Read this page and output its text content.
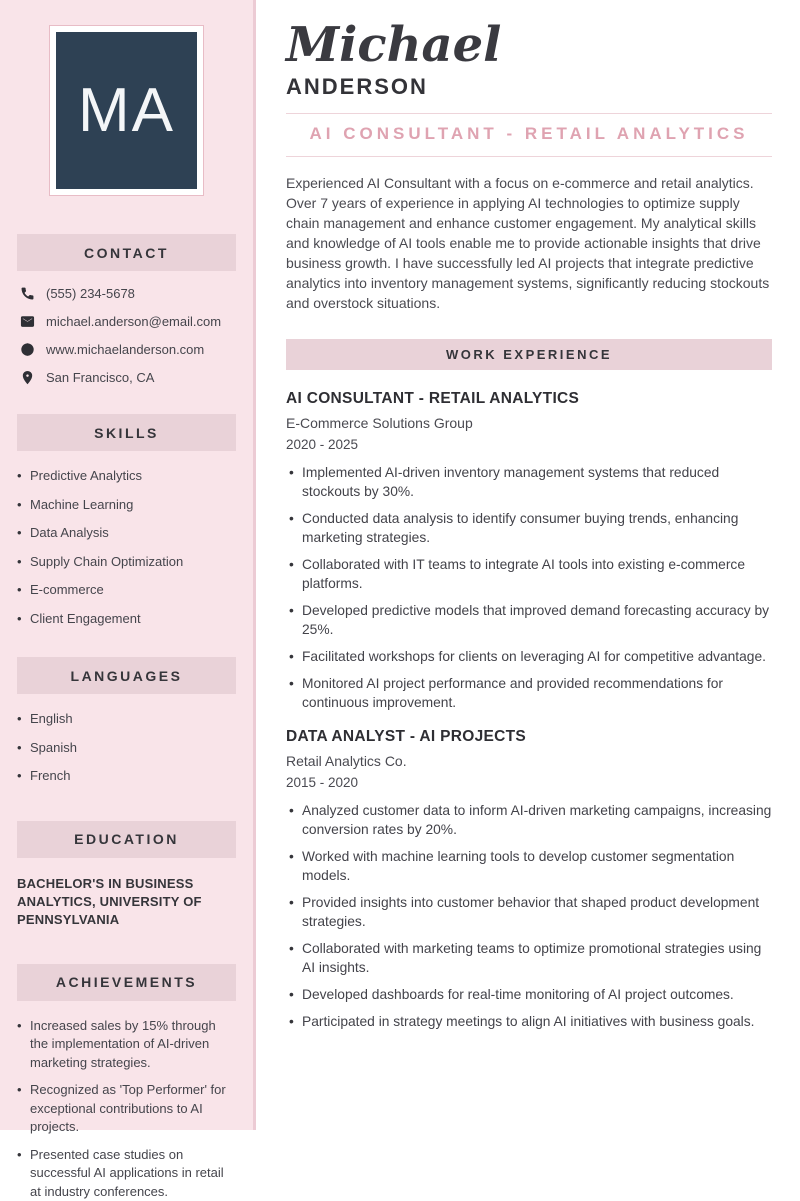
MA
CONTACT
(555) 234-5678
michael.anderson@email.com
www.michaelanderson.com
San Francisco, CA
SKILLS
• Predictive Analytics
• Machine Learning
• Data Analysis
• Supply Chain Optimization
• E-commerce
• Client Engagement
LANGUAGES
• English
• Spanish
• French
EDUCATION
BACHELOR'S IN BUSINESS ANALYTICS, UNIVERSITY OF PENNSYLVANIA
ACHIEVEMENTS
• Increased sales by 15% through the implementation of AI-driven marketing strategies.
• Recognized as 'Top Performer' for exceptional contributions to AI projects.
• Presented case studies on successful AI applications in retail at industry conferences.
Michael
ANDERSON
AI CONSULTANT - RETAIL ANALYTICS

Experienced AI Consultant with a focus on e-commerce and retail analytics. Over 7 years of experience in applying AI technologies to optimize supply chain management and enhance customer engagement. My analytical skills and knowledge of AI tools enable me to provide actionable insights that drive business growth. I have successfully led AI projects that integrate predictive analytics into inventory management systems, significantly reducing stockouts and overstock situations.

WORK EXPERIENCE
AI CONSULTANT - RETAIL ANALYTICS
E-Commerce Solutions Group
2020 - 2025
• Implemented AI-driven inventory management systems that reduced stockouts by 30%.
• Conducted data analysis to identify consumer buying trends, enhancing marketing strategies.
• Collaborated with IT teams to integrate AI tools into existing e-commerce platforms.
• Developed predictive models that improved demand forecasting accuracy by 25%.
• Facilitated workshops for clients on leveraging AI for competitive advantage.
• Monitored AI project performance and provided recommendations for continuous improvement.
DATA ANALYST - AI PROJECTS
Retail Analytics Co.
2015 - 2020
• Analyzed customer data to inform AI-driven marketing campaigns, increasing conversion rates by 20%.
• Worked with machine learning tools to develop customer segmentation models.
• Provided insights into customer behavior that shaped product development strategies.
• Collaborated with marketing teams to optimize promotional strategies using AI insights.
• Developed dashboards for real-time monitoring of AI project outcomes.
• Participated in strategy meetings to align AI initiatives with business goals.
